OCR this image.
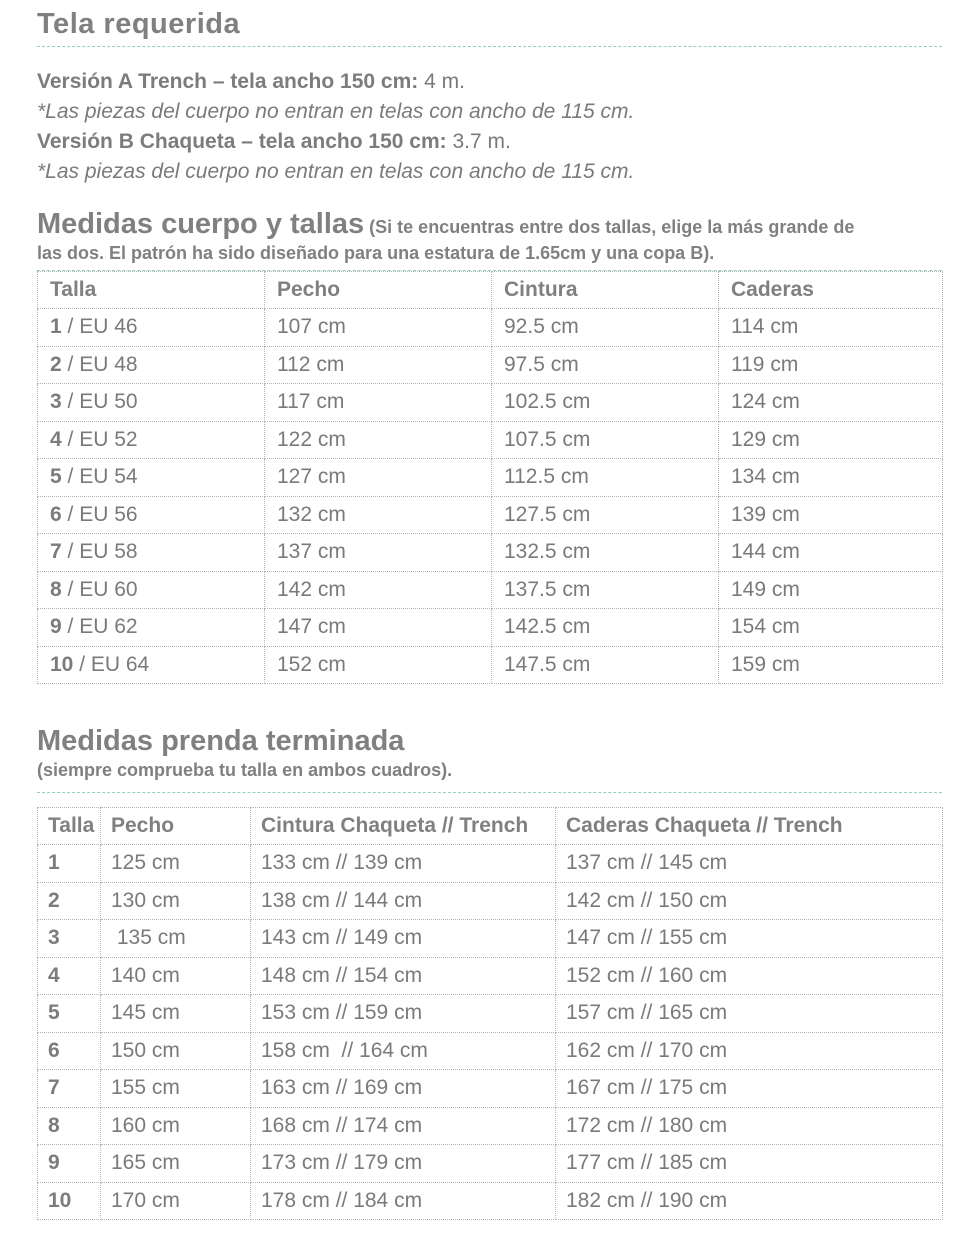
Tela requerida
Versión A Trench – tela ancho 150 cm: 4 m.
*Las piezas del cuerpo no entran en telas con ancho de 115 cm.
Versión B Chaqueta – tela ancho 150 cm: 3.7 m.
*Las piezas del cuerpo no entran en telas con ancho de 115 cm.
Medidas cuerpo y tallas (Si te encuentras entre dos tallas, elige la más grande de
las dos. El patrón ha sido diseñado para una estatura de 1.65cm y una copa B).
Talla	Pecho	Cintura	Caderas
1 / EU 46	107 cm	92.5 cm	114 cm
2 / EU 48	112 cm	97.5 cm	119 cm
3 / EU 50	117 cm	102.5 cm	124 cm
4 / EU 52	122 cm	107.5 cm	129 cm
5 / EU 54	127 cm	112.5 cm	134 cm
6 / EU 56	132 cm	127.5 cm	139 cm
7 / EU 58	137 cm	132.5 cm	144 cm
8 / EU 60	142 cm	137.5 cm	149 cm
9 / EU 62	147 cm	142.5 cm	154 cm
10 / EU 64	152 cm	147.5 cm	159 cm
Medidas prenda terminada
(siempre comprueba tu talla en ambos cuadros).
Talla	Pecho	Cintura Chaqueta // Trench	Caderas Chaqueta // Trench
1	125 cm	133 cm // 139 cm	137 cm // 145 cm
2	130 cm	138 cm // 144 cm	142 cm // 150 cm
3	135 cm	143 cm // 149 cm	147 cm // 155 cm
4	140 cm	148 cm // 154 cm	152 cm // 160 cm
5	145 cm	153 cm // 159 cm	157 cm // 165 cm
6	150 cm	158 cm  // 164 cm	162 cm // 170 cm
7	155 cm	163 cm // 169 cm	167 cm // 175 cm
8	160 cm	168 cm // 174 cm	172 cm // 180 cm
9	165 cm	173 cm // 179 cm	177 cm // 185 cm
10	170 cm	178 cm // 184 cm	182 cm // 190 cm
